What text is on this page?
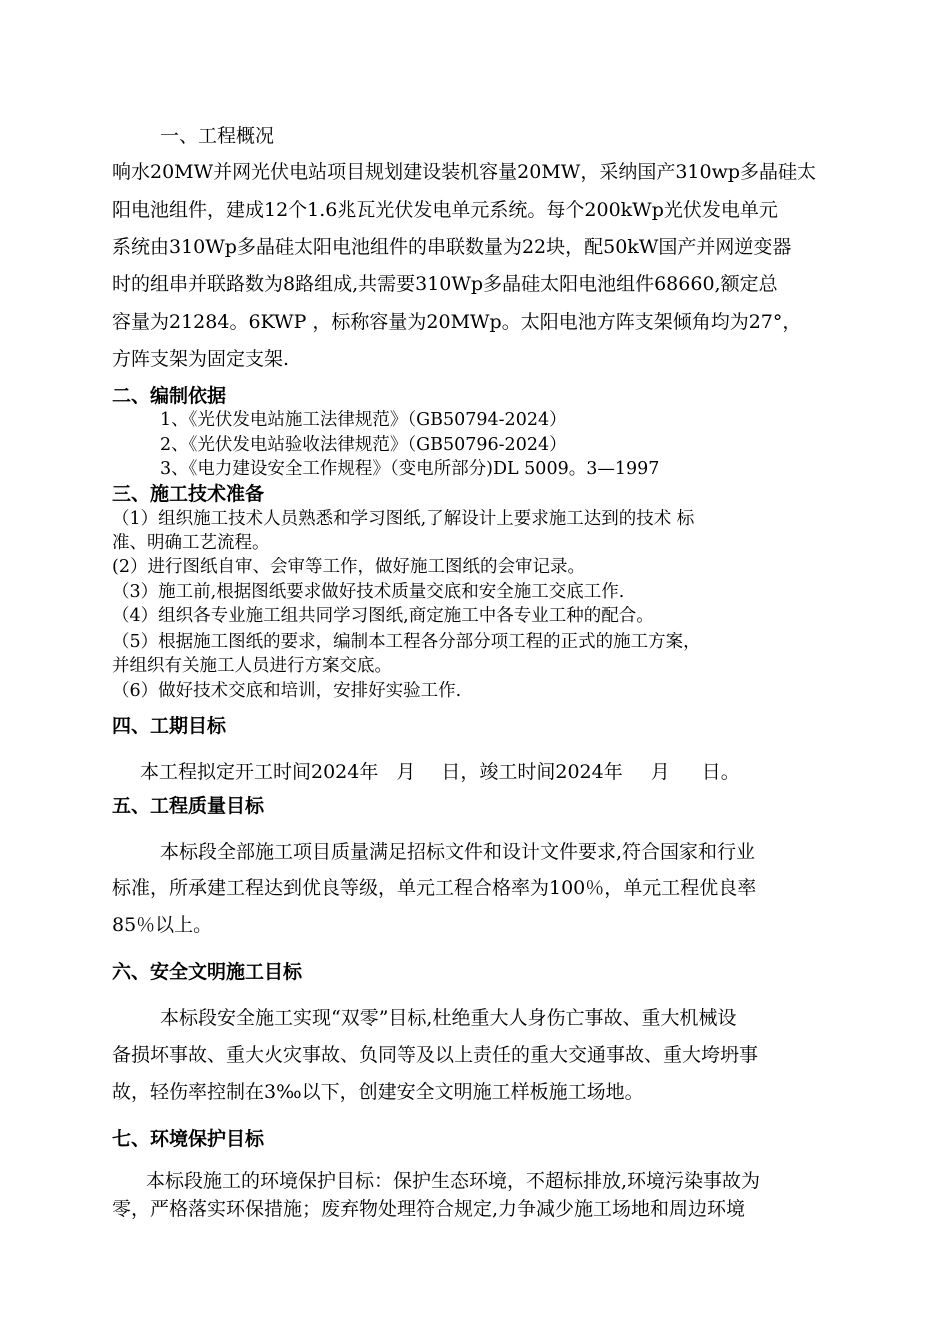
一、工程概况
响水20MW并网光伏电站项目规划建设装机容量20MW，采纳国产310wp多晶硅太
阳电池组件，建成12个1.6兆瓦光伏发电单元系统。每个200kWp光伏发电单元
系统由310Wp多晶硅太阳电池组件的串联数量为22块，配50kW国产并网逆变器
时的组串并联路数为8路组成,共需要310Wp多晶硅太阳电池组件68660,额定总
容量为21284。6KWP ，标称容量为20MWp。太阳电池方阵支架倾角均为27°，
方阵支架为固定支架.
二、编制依据
1、《光伏发电站施工法律规范》（GB50794-2024）
2、《光伏发电站验收法律规范》（GB50796-2024）
3、《电力建设安全工作规程》（变电所部分)DL 5009。3—1997
三、施工技术准备
（1）组织施工技术人员熟悉和学习图纸,了解设计上要求施工达到的技术 标
准、明确工艺流程。
(2）进行图纸自审、会审等工作，做好施工图纸的会审记录。
（3）施工前,根据图纸要求做好技术质量交底和安全施工交底工作.
（4）组织各专业施工组共同学习图纸,商定施工中各专业工种的配合。
（5）根据施工图纸的要求，编制本工程各分部分项工程的正式的施工方案，
并组织有关施工人员进行方案交底。
（6）做好技术交底和培训，安排好实验工作.
四、工期目标
本工程拟定开工时间2024年 月 日，竣工时间2024年 月 日。
五、工程质量目标
本标段全部施工项目质量满足招标文件和设计文件要求,符合国家和行业
标准，所承建工程达到优良等级，单元工程合格率为100％，单元工程优良率
85％以上。
六、安全文明施工目标
本标段安全施工实现“双零”目标,杜绝重大人身伤亡事故、重大机械设
备损坏事故、重大火灾事故、负同等及以上责任的重大交通事故、重大垮坍事
故，轻伤率控制在3‰以下，创建安全文明施工样板施工场地。
七、环境保护目标
本标段施工的环境保护目标：保护生态环境，不超标排放,环境污染事故为
零，严格落实环保措施；废弃物处理符合规定,力争减少施工场地和周边环境
